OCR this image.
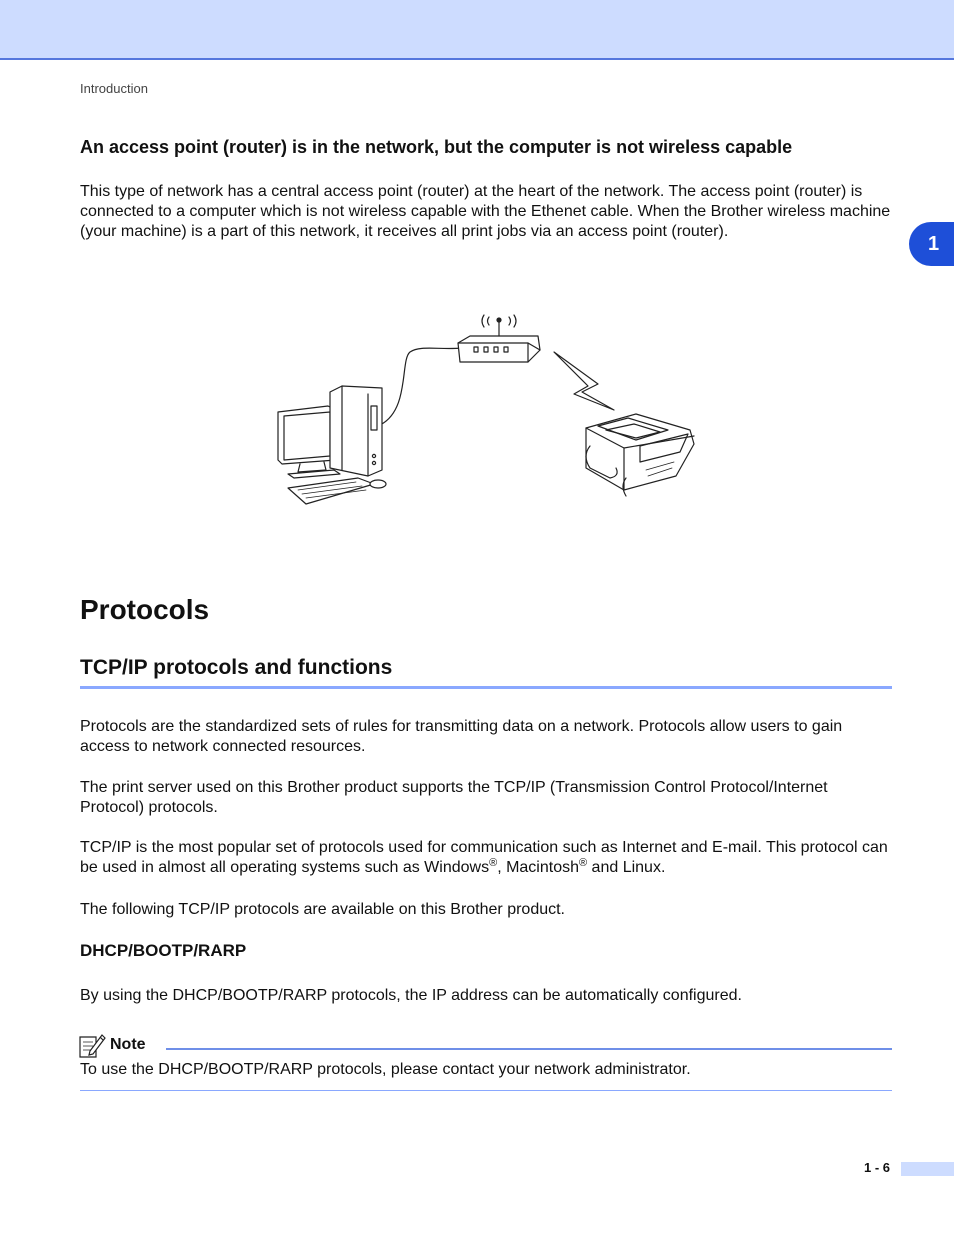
Introduction
An access point (router) is in the network, but the computer is not wireless capable

This type of network has a central access point (router) at the heart of the network. The access point (router) is connected to a computer which is not wireless capable with the Ethenet cable. When the Brother wireless machine (your machine) is a part of this network, it receives all print jobs via an access point (router).

1
Protocols
TCP/IP protocols and functions

Protocols are the standardized sets of rules for transmitting data on a network. Protocols allow users to gain access to network connected resources.

The print server used on this Brother product supports the TCP/IP (Transmission Control Protocol/Internet Protocol) protocols.

TCP/IP is the most popular set of protocols used for communication such as Internet and E-mail. This protocol can be used in almost all operating systems such as Windows®, Macintosh® and Linux.

The following TCP/IP protocols are available on this Brother product.

DHCP/BOOTP/RARP

By using the DHCP/BOOTP/RARP protocols, the IP address can be automatically configured.

Note

To use the DHCP/BOOTP/RARP protocols, please contact your network administrator.

1 - 6
